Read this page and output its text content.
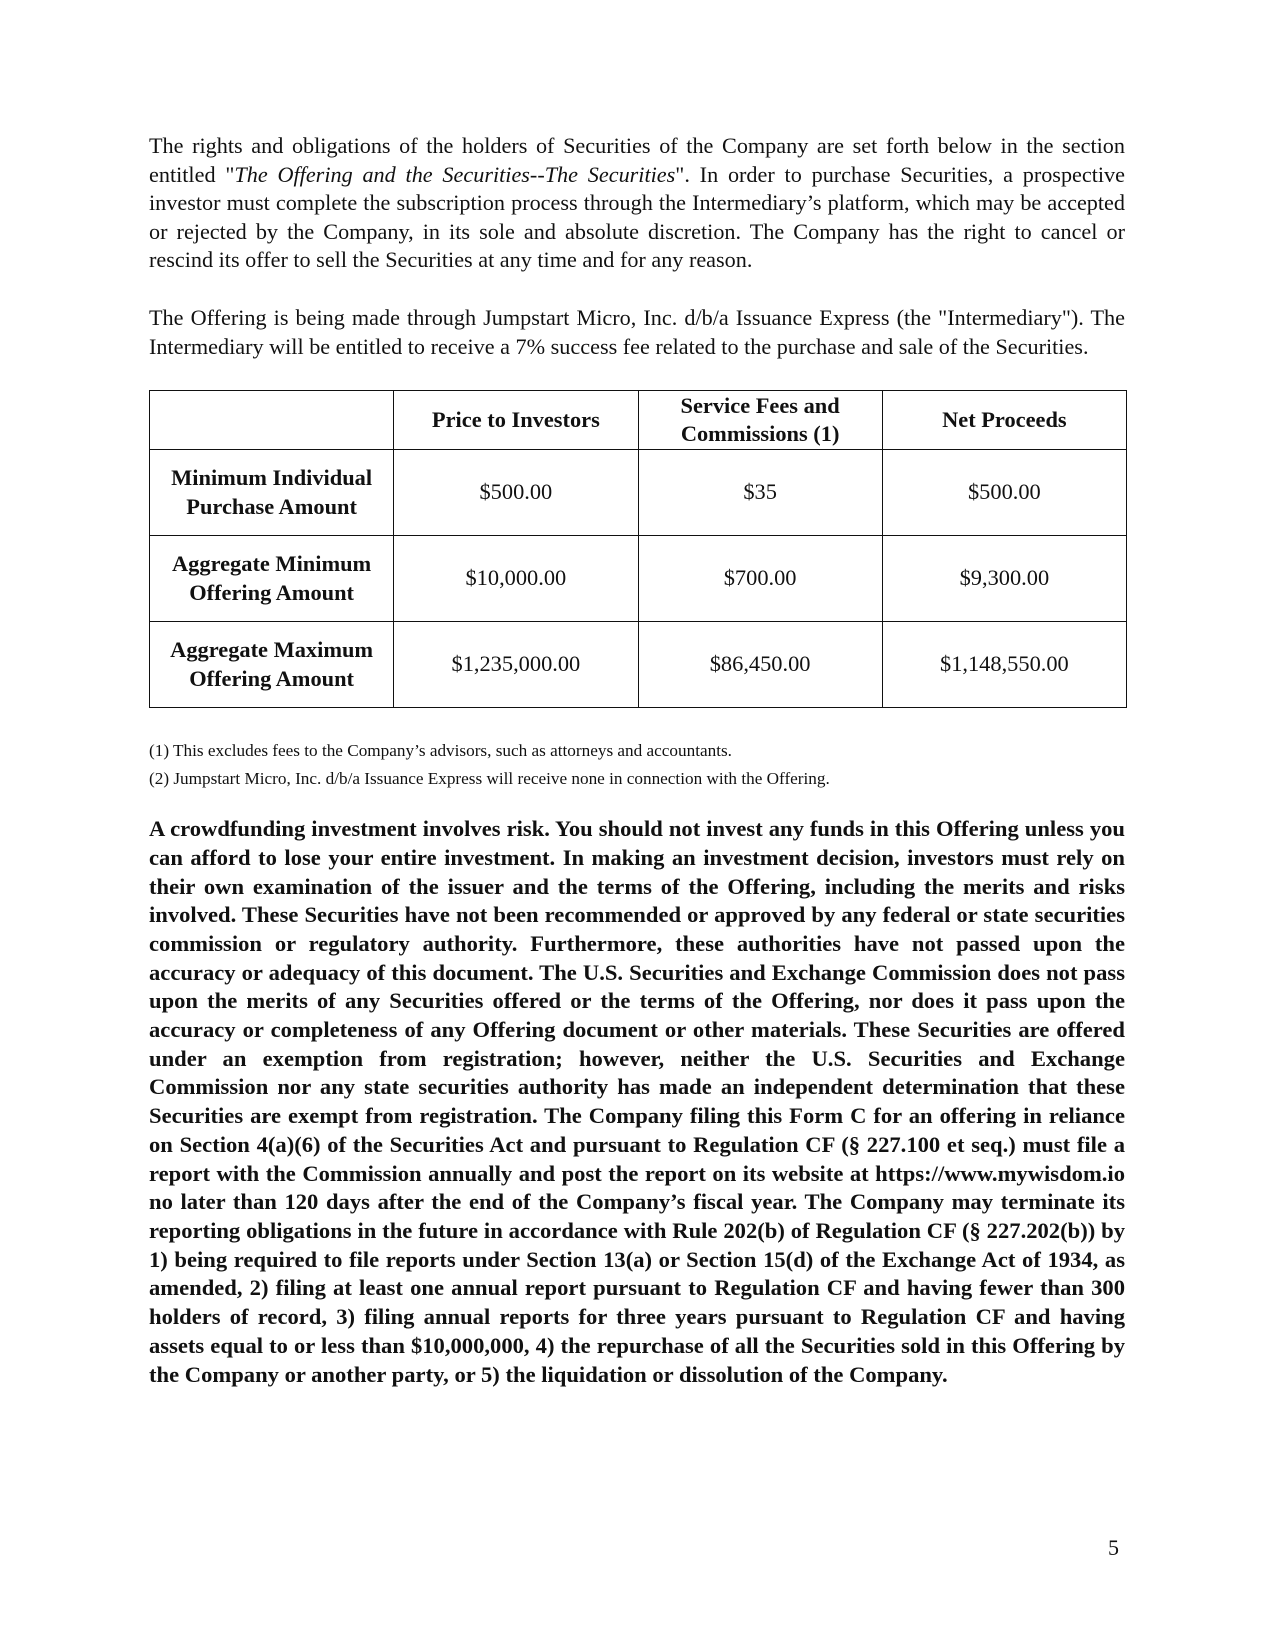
The rights and obligations of the holders of Securities of the Company are set forth below in the section entitled "The Offering and the Securities--The Securities". In order to purchase Securities, a prospective investor must complete the subscription process through the Intermediary’s platform, which may be accepted or rejected by the Company, in its sole and absolute discretion. The Company has the right to cancel or rescind its offer to sell the Securities at any time and for any reason.

The Offering is being made through Jumpstart Micro, Inc. d/b/a Issuance Express (the "Intermediary"). The Intermediary will be entitled to receive a 7% success fee related to the purchase and sale of the Securities.

	Price to Investors	Service Fees and Commissions (1)	Net Proceeds
Minimum Individual Purchase Amount	$500.00	$35	$500.00
Aggregate Minimum Offering Amount	$10,000.00	$700.00	$9,300.00
Aggregate Maximum Offering Amount	$1,235,000.00	$86,450.00	$1,148,550.00

(1) This excludes fees to the Company’s advisors, such as attorneys and accountants.

(2) Jumpstart Micro, Inc. d/b/a Issuance Express will receive none in connection with the Offering.

A crowdfunding investment involves risk. You should not invest any funds in this Offering unless you can afford to lose your entire investment. In making an investment decision, investors must rely on their own examination of the issuer and the terms of the Offering, including the merits and risks involved. These Securities have not been recommended or approved by any federal or state securities commission or regulatory authority. Furthermore, these authorities have not passed upon the accuracy or adequacy of this document. The U.S. Securities and Exchange Commission does not pass upon the merits of any Securities offered or the terms of the Offering, nor does it pass upon the accuracy or completeness of any Offering document or other materials. These Securities are offered under an exemption from registration; however, neither the U.S. Securities and Exchange Commission nor any state securities authority has made an independent determination that these Securities are exempt from registration. The Company filing this Form C for an offering in reliance on Section 4(a)(6) of the Securities Act and pursuant to Regulation CF (§ 227.100 et seq.) must file a report with the Commission annually and post the report on its website at https://www.mywisdom.io no later than 120 days after the end of the Company’s fiscal year. The Company may terminate its reporting obligations in the future in accordance with Rule 202(b) of Regulation CF (§ 227.202(b)) by 1) being required to file reports under Section 13(a) or Section 15(d) of the Exchange Act of 1934, as amended, 2) filing at least one annual report pursuant to Regulation CF and having fewer than 300 holders of record, 3) filing annual reports for three years pursuant to Regulation CF and having assets equal to or less than $10,000,000, 4) the repurchase of all the Securities sold in this Offering by the Company or another party, or 5) the liquidation or dissolution of the Company.

5
